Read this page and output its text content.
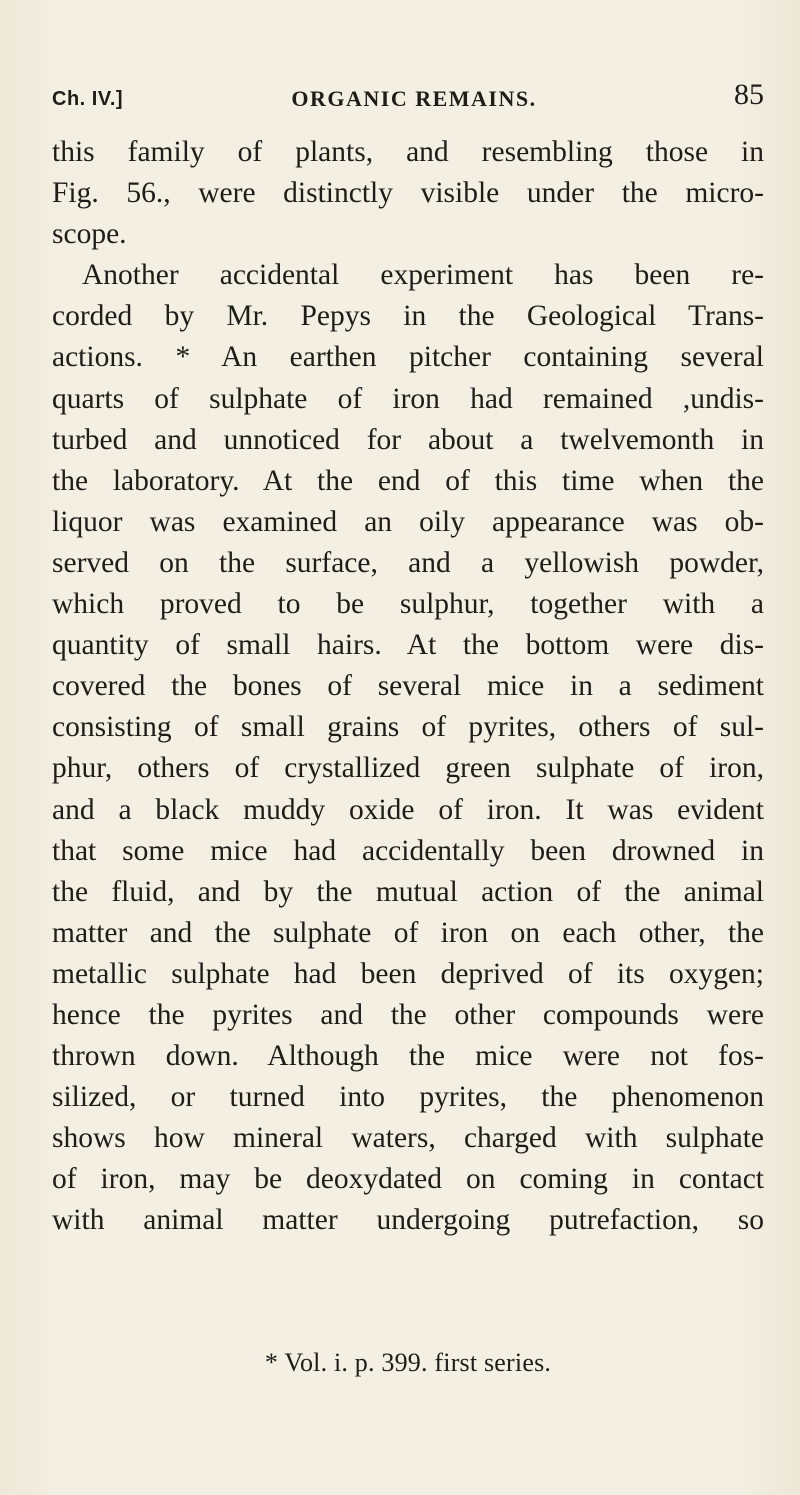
Ch. IV.]	ORGANIC REMAINS.	85
this family of plants, and resembling those in
Fig. 56., were distinctly visible under the micro-
scope.
Another accidental experiment has been re-
corded by Mr. Pepys in the Geological Trans-
actions. * An earthen pitcher containing several
quarts of sulphate of iron had remained ,undis-
turbed and unnoticed for about a twelvemonth in
the laboratory. At the end of this time when the
liquor was examined an oily appearance was ob-
served on the surface, and a yellowish powder,
which proved to be sulphur, together with a
quantity of small hairs. At the bottom were dis-
covered the bones of several mice in a sediment
consisting of small grains of pyrites, others of sul-
phur, others of crystallized green sulphate of iron,
and a black muddy oxide of iron. It was evident
that some mice had accidentally been drowned in
the fluid, and by the mutual action of the animal
matter and the sulphate of iron on each other, the
metallic sulphate had been deprived of its oxygen;
hence the pyrites and the other compounds were
thrown down. Although the mice were not fos-
silized, or turned into pyrites, the phenomenon
shows how mineral waters, charged with sulphate
of iron, may be deoxydated on coming in contact
with animal matter undergoing putrefaction, so
* Vol. i. p. 399. first series.
